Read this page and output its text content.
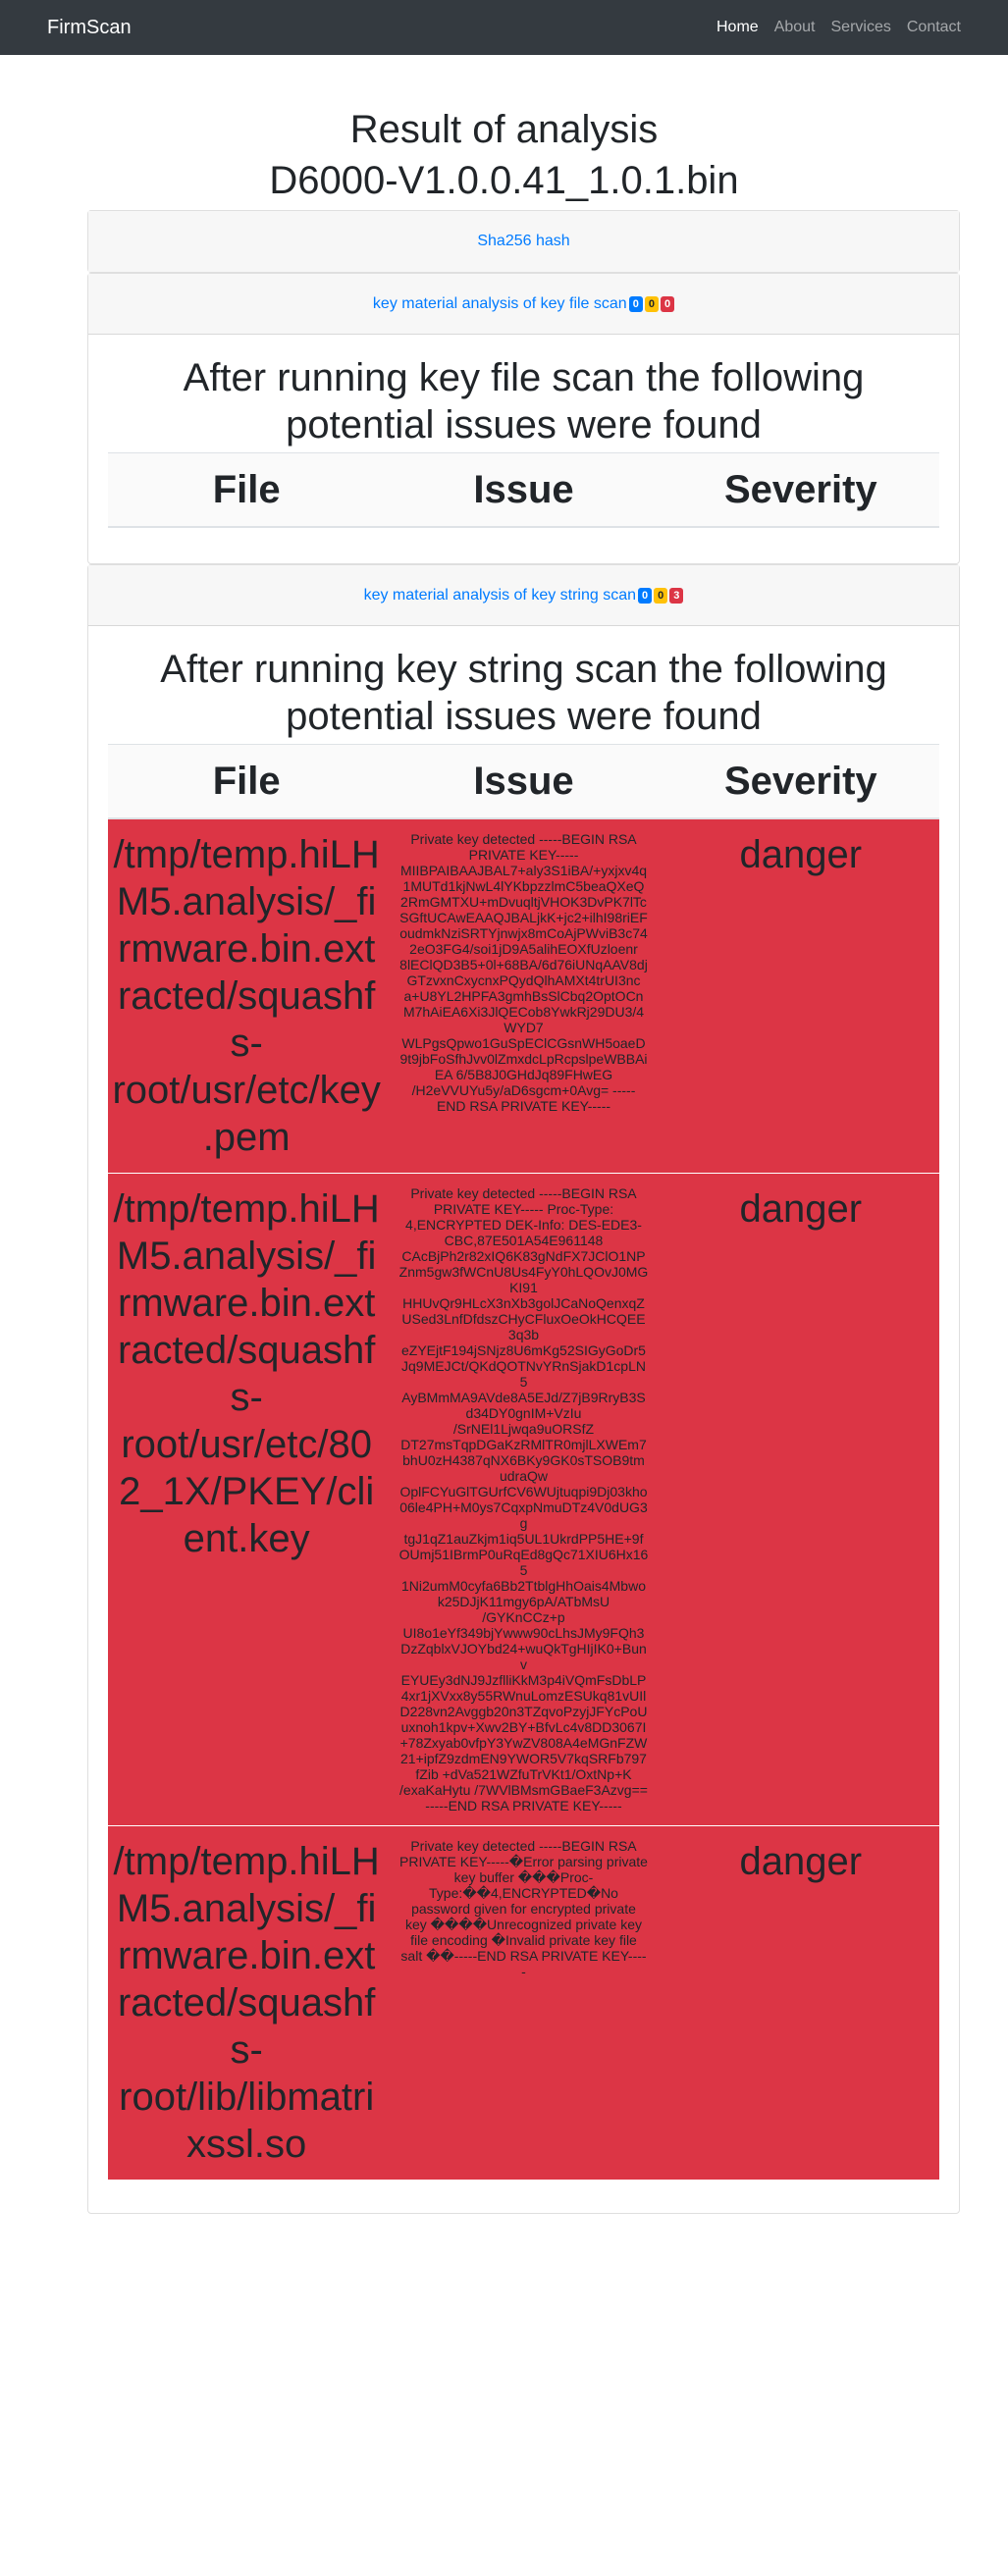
FirmScan	Home About Services Contact
Result of analysis
D6000-V1.0.0.41_1.0.1.bin
Sha256 hash
key material analysis of key file scan 0 0 0
After running key file scan the following potential issues were found
File	Issue	Severity
key material analysis of key string scan 0 0 3
After running key string scan the following potential issues were found
File	Issue	Severity
/tmp/temp.hiLHM5.analysis/_firmware.bin.extracted/squashfs-root/usr/etc/key.pem	Private key detected -----BEGIN RSA PRIVATE KEY----- MIIBPAIBAAJBAL7+aly3S1iBA/+yxjxv4q1MUTd1kjNwL4lYKbpzzlmC5beaQXeQ 2RmGMTXU+mDvuqltjVHOK3DvPK7lTcSGftUCAwEAAQJBALjkK+jc2+ilhI98riEF oudmkNziSRTYjnwjx8mCoAjPWviB3c742eO3FG4/soi1jD9A5alihEOXfUzloenr 8lEClQD3B5+0l+68BA/6d76iUNqAAV8djGTzvxnCxycnxPQydQlhAMXt4trUI3nc a+U8YL2HPFA3gmhBsSlCbq2OptOCnM7hAiEA6Xi3JlQECob8YwkRj29DU3/4WYD7 WLPgsQpwo1GuSpEClCGsnWH5oaeD9t9jbFoSfhJvv0lZmxdcLpRcpslpeWBBAiEA 6/5B8J0GHdJq89FHwEG /H2eVVUYu5y/aD6sgcm+0Avg= -----END RSA PRIVATE KEY-----	danger
/tmp/temp.hiLHM5.analysis/_firmware.bin.extracted/squashfs-root/usr/etc/802_1X/PKEY/client.key	Private key detected -----BEGIN RSA PRIVATE KEY----- Proc-Type: 4,ENCRYPTED DEK-Info: DES-EDE3-CBC,87E501A54E961148 CAcBjPh2r82xIQ6K83gNdFX7JClO1NPZnm5gw3fWCnU8Us4FyY0hLQOvJ0MGKI91 HHUvQr9HLcX3nXb3golJCaNoQenxqZUSed3LnfDfdszCHyCFluxOeOkHCQEE3q3b eZYEjtF194jSNjz8U6mKg52SIGyGoDr5Jq9MEJCt/QKdQOTNvYRnSjakD1cpLN5 AyBMmMA9AVde8A5EJd/Z7jB9RryB3Sd34DY0gnIM+VzIu /SrNEl1Ljwqa9uORSfZ DT27msTqpDGaKzRMlTR0mjlLXWEm7bhU0zH4387qNX6BKy9GK0sTSOB9tmudraQw OplFCYuGlTGUrfCV6WUjtuqpi9Dj03kho06le4PH+M0ys7CqxpNmuDTz4V0dUG3g tgJ1qZ1auZkjm1iq5UL1UkrdPP5HE+9fOUmj51IBrmP0uRqEd8gQc71XIU6Hx165 1Ni2umM0cyfa6Bb2TtblgHhOais4Mbwok25DJjK11mgy6pA/ATbMsU /GYKnCCz+p UI8o1eYf349bjYwww90cLhsJMy9FQh3DzZqblxVJOYbd24+wuQkTgHIjIK0+Bunv EYUEy3dNJ9JzflliKkM3p4iVQmFsDbLP4xr1jXVxx8y55RWnuLomzESUkq81vUIl D228vn2Avggb20n3TZqvoPzyjJFYcPoUuxnoh1kpv+Xwv2BY+BfvLc4v8DD3067I +78Zxyab0vfpY3YwZV808A4eMGnFZW21+ipfZ9zdmEN9YWOR5V7kqSRFb797fZib +dVa521WZfuTrVKt1/OxtNp+K /exaKaHytu /7WVlBMsmGBaeF3Azvg== -----END RSA PRIVATE KEY-----	danger
/tmp/temp.hiLHM5.analysis/_firmware.bin.extracted/squashfs-root/lib/libmatrixssl.so	Private key detected -----BEGIN RSA PRIVATE KEY-----�Error parsing private key buffer ���Proc-Type:��4,ENCRYPTED�No password given for encrypted private key ����Unrecognized private key file encoding �Invalid private key file salt ��-----END RSA PRIVATE KEY-----	danger
